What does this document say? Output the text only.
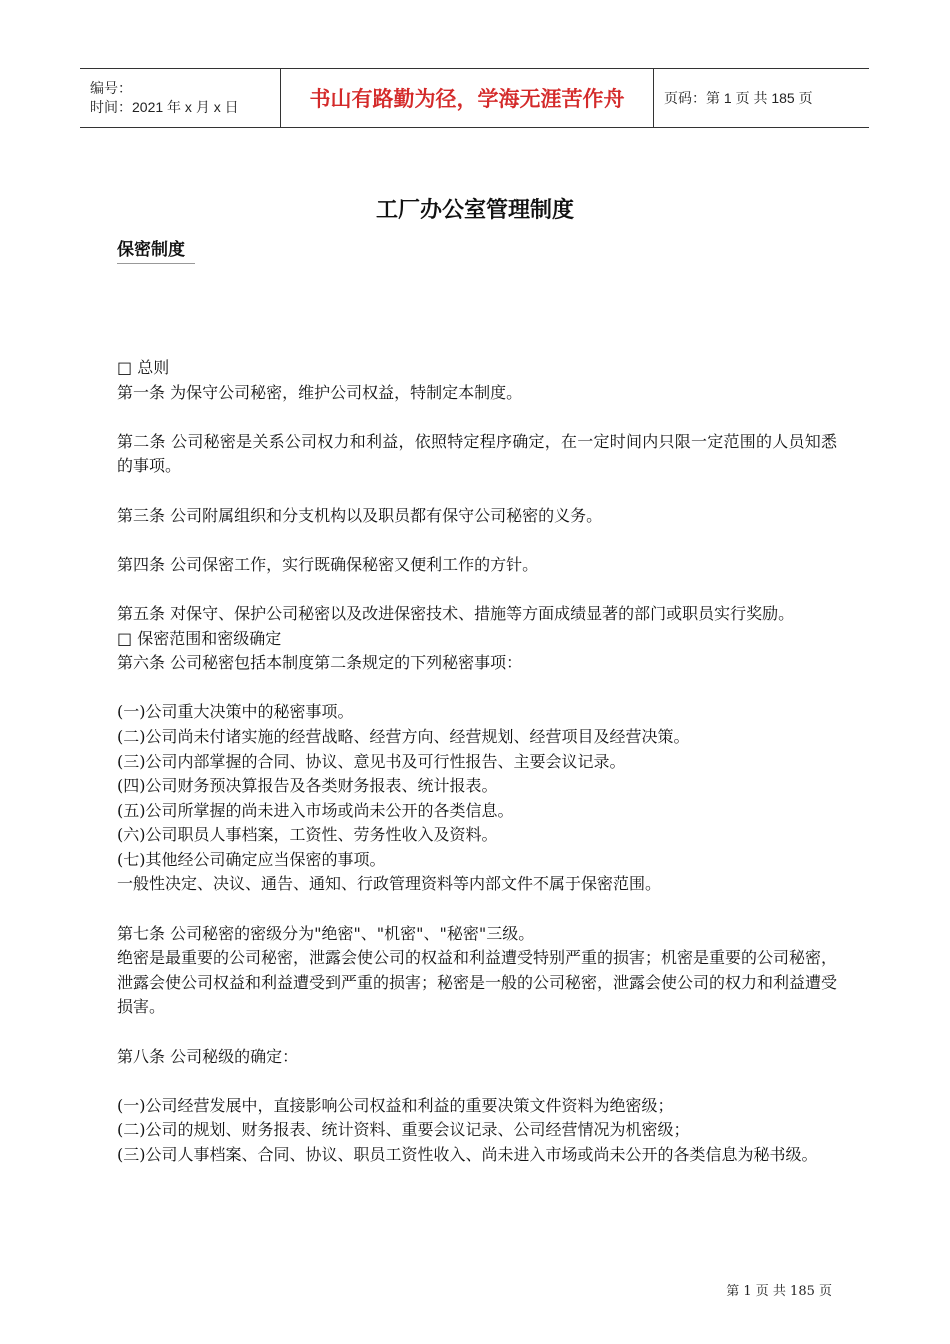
编号：
时间：2021 年 x 月 x 日	书山有路勤为径，学海无涯苦作舟	页码：第 1 页 共 185 页
工厂办公室管理制度
保密制度

□ 总则

第一条 为保守公司秘密，维护公司权益，特制定本制度。

第二条 公司秘密是关系公司权力和利益，依照特定程序确定，在一定时间内只限一定范围的人员知悉的事项。

第三条 公司附属组织和分支机构以及职员都有保守公司秘密的义务。

第四条 公司保密工作，实行既确保秘密又便利工作的方针。

第五条 对保守、保护公司秘密以及改进保密技术、措施等方面成绩显著的部门或职员实行奖励。

□ 保密范围和密级确定

第六条 公司秘密包括本制度第二条规定的下列秘密事项：

(一)公司重大决策中的秘密事项。

(二)公司尚未付诸实施的经营战略、经营方向、经营规划、经营项目及经营决策。

(三)公司内部掌握的合同、协议、意见书及可行性报告、主要会议记录。

(四)公司财务预决算报告及各类财务报表、统计报表。

(五)公司所掌握的尚未进入市场或尚未公开的各类信息。

(六)公司职员人事档案，工资性、劳务性收入及资料。

(七)其他经公司确定应当保密的事项。

一般性决定、决议、通告、通知、行政管理资料等内部文件不属于保密范围。

第七条 公司秘密的密级分为"绝密"、"机密"、"秘密"三级。

绝密是最重要的公司秘密，泄露会使公司的权益和利益遭受特别严重的损害；机密是重要的公司秘密，泄露会使公司权益和利益遭受到严重的损害；秘密是一般的公司秘密，泄露会使公司的权力和利益遭受损害。

第八条 公司秘级的确定：

(一)公司经营发展中，直接影响公司权益和利益的重要决策文件资料为绝密级；

(二)公司的规划、财务报表、统计资料、重要会议记录、公司经营情况为机密级；

(三)公司人事档案、合同、协议、职员工资性收入、尚未进入市场或尚未公开的各类信息为秘书级。

第 1 页 共 185 页
